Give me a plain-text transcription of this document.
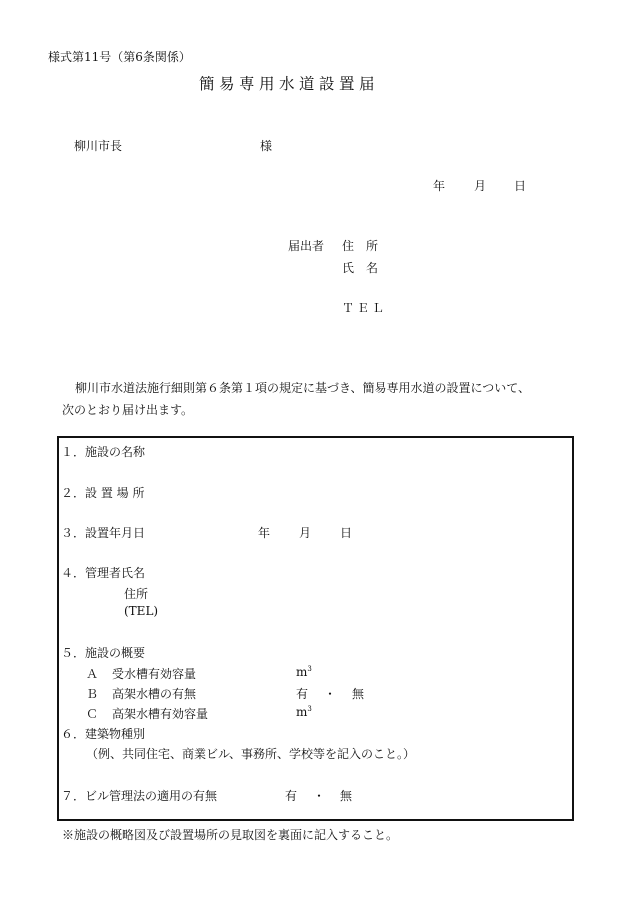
様式第11号（第6条関係）
簡易専用水道設置届
柳川市長	様
年 月 日
届出者 住　所
氏　名
ＴＥＬ
柳川市水道法施行細則第６条第１項の規定に基づき、簡易専用水道の設置について、
次のとおり届け出ます。
１．施設の名称
２．設 置 場 所
３．設置年月日	年 月 日
４．管理者氏名
住所
(TEL)
５．施設の概要
Ａ 受水槽有効容量	$m^3$
Ｂ 高架水槽の有無	有 ・ 無
Ｃ 高架水槽有効容量	$m^3$
６．建築物種別
（例、共同住宅、商業ビル、事務所、学校等を記入のこと。）
７．ビル管理法の適用の有無	有 ・ 無
※施設の概略図及び設置場所の見取図を裏面に記入すること。
